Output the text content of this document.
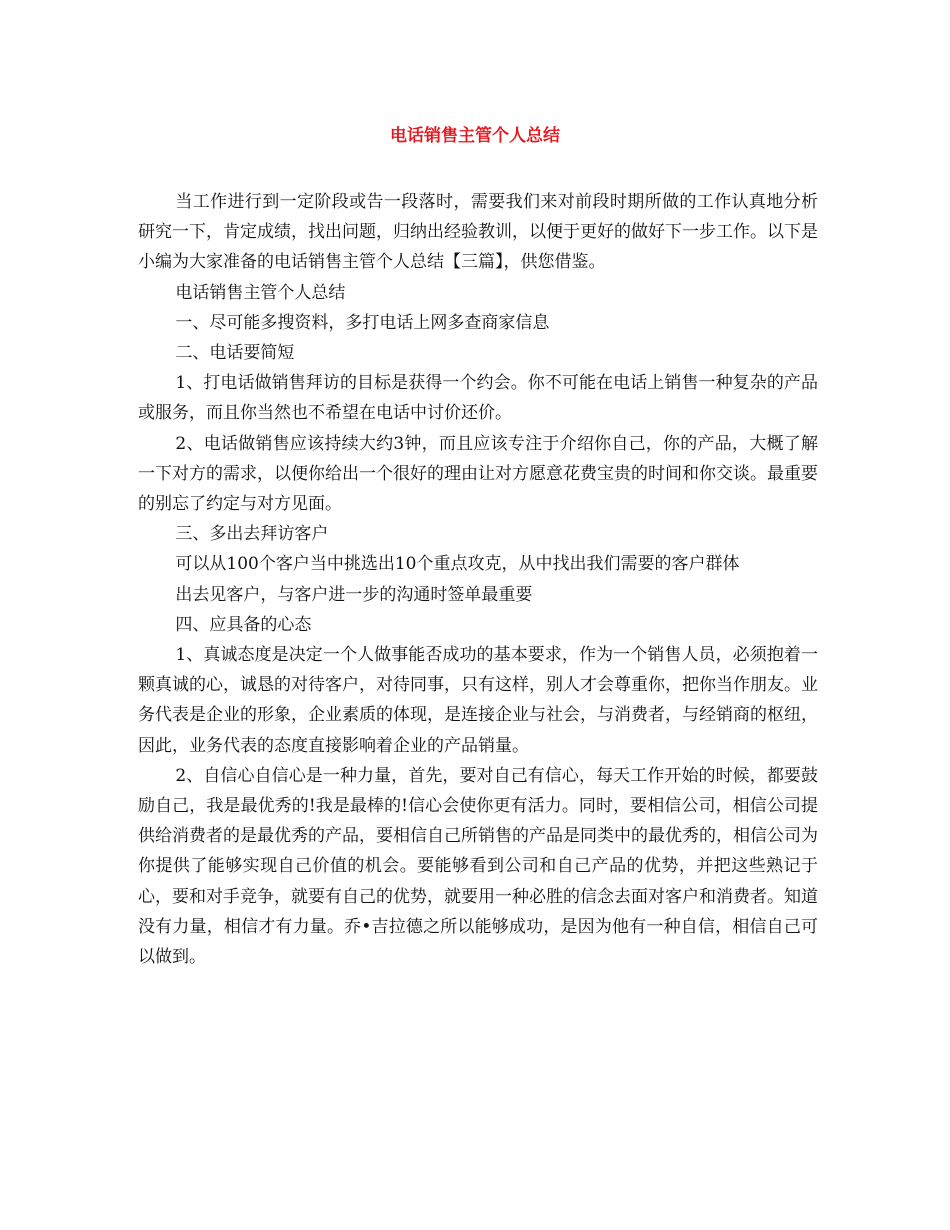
电话销售主管个人总结

当工作进行到一定阶段或告一段落时，需要我们来对前段时期所做的工作认真地分析研究一下，肯定成绩，找出问题，归纳出经验教训，以便于更好的做好下一步工作。以下是小编为大家准备的电话销售主管个人总结【三篇】，供您借鉴。

电话销售主管个人总结

一、尽可能多搜资料，多打电话上网多查商家信息

二、电话要简短

1、打电话做销售拜访的目标是获得一个约会。你不可能在电话上销售一种复杂的产品或服务，而且你当然也不希望在电话中讨价还价。

2、电话做销售应该持续大约3钟，而且应该专注于介绍你自己，你的产品，大概了解一下对方的需求，以便你给出一个很好的理由让对方愿意花费宝贵的时间和你交谈。最重要的别忘了约定与对方见面。

三、多出去拜访客户

可以从100个客户当中挑选出10个重点攻克，从中找出我们需要的客户群体

出去见客户，与客户进一步的沟通时签单最重要

四、应具备的心态

1、真诚态度是决定一个人做事能否成功的基本要求，作为一个销售人员，必须抱着一颗真诚的心，诚恳的对待客户，对待同事，只有这样，别人才会尊重你，把你当作朋友。业务代表是企业的形象，企业素质的体现，是连接企业与社会，与消费者，与经销商的枢纽，因此，业务代表的态度直接影响着企业的产品销量。

2、自信心自信心是一种力量，首先，要对自己有信心，每天工作开始的时候，都要鼓励自己，我是最优秀的!我是最棒的!信心会使你更有活力。同时，要相信公司，相信公司提供给消费者的是最优秀的产品，要相信自己所销售的产品是同类中的最优秀的，相信公司为你提供了能够实现自己价值的机会。要能够看到公司和自己产品的优势，并把这些熟记于心，要和对手竞争，就要有自己的优势，就要用一种必胜的信念去面对客户和消费者。知道没有力量，相信才有力量。乔•吉拉德之所以能够成功，是因为他有一种自信，相信自己可以做到。
